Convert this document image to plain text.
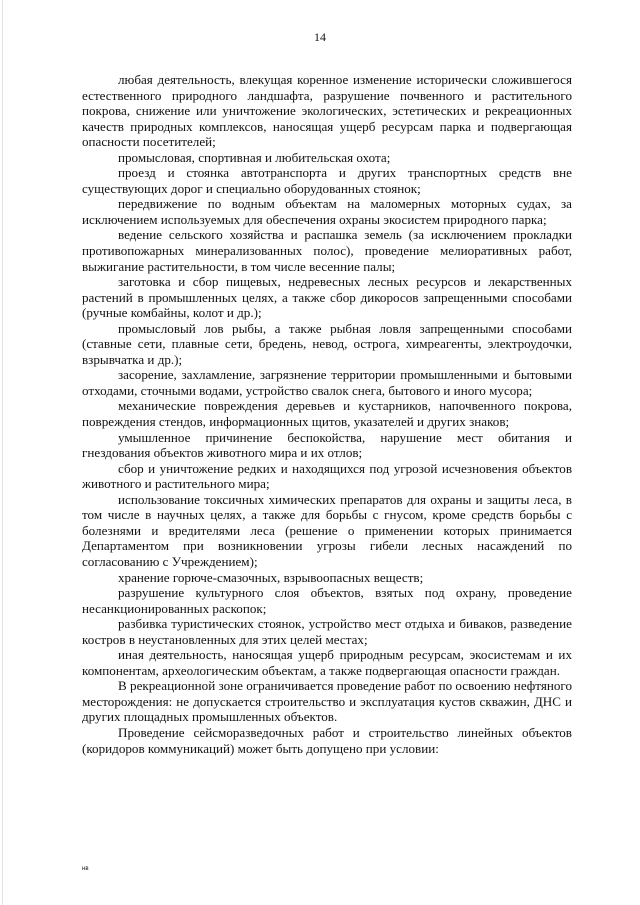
14

любая деятельность, влекущая коренное изменение исторически сложившегося естественного природного ландшафта, разрушение почвенного и растительного покрова, снижение или уничтожение экологических, эстетических и рекреационных качеств природных комплексов, наносящая ущерб ресурсам парка и подвергающая опасности посетителей;

промысловая, спортивная и любительская охота;

проезд и стоянка автотранспорта и других транспортных средств вне существующих дорог и специально оборудованных стоянок;

передвижение по водным объектам на маломерных моторных судах, за исключением используемых для обеспечения охраны экосистем природного парка;

ведение сельского хозяйства и распашка земель (за исключением прокладки противопожарных минерализованных полос), проведение мелиоративных работ, выжигание растительности, в том числе весенние палы;

заготовка и сбор пищевых, недревесных лесных ресурсов и лекарственных растений в промышленных целях, а также сбор дикоросов запрещенными способами (ручные комбайны, колот и др.);

промысловый лов рыбы, а также рыбная ловля запрещенными способами (ставные сети, плавные сети, бредень, невод, острога, химреагенты, электроудочки, взрывчатка и др.);

засорение, захламление, загрязнение территории промышленными и бытовыми отходами, сточными водами, устройство свалок снега, бытового и иного мусора;

механические повреждения деревьев и кустарников, напочвенного покрова, повреждения стендов, информационных щитов, указателей и других знаков;

умышленное причинение беспокойства, нарушение мест обитания и гнездования объектов животного мира и их отлов;

сбор и уничтожение редких и находящихся под угрозой исчезновения объектов животного и растительного мира;

использование токсичных химических препаратов для охраны и защиты леса, в том числе в научных целях, а также для борьбы с гнусом, кроме средств борьбы с болезнями и вредителями леса (решение о применении которых принимается Департаментом при возникновении угрозы гибели лесных насаждений по согласованию с Учреждением);

хранение горюче-смазочных, взрывоопасных веществ;

разрушение культурного слоя объектов, взятых под охрану, проведение несанкционированных раскопок;

разбивка туристических стоянок, устройство мест отдыха и биваков, разведение костров в неустановленных для этих целей местах;

иная деятельность, наносящая ущерб природным ресурсам, экосистемам и их компонентам, археологическим объектам, а также подвергающая опасности граждан.

В рекреационной зоне ограничивается проведение работ по освоению нефтяного месторождения: не допускается строительство и эксплуатация кустов скважин, ДНС и других площадных промышленных объектов.

Проведение сейсморазведочных работ и строительство линейных объектов (коридоров коммуникаций) может быть допущено при условии:

нв
